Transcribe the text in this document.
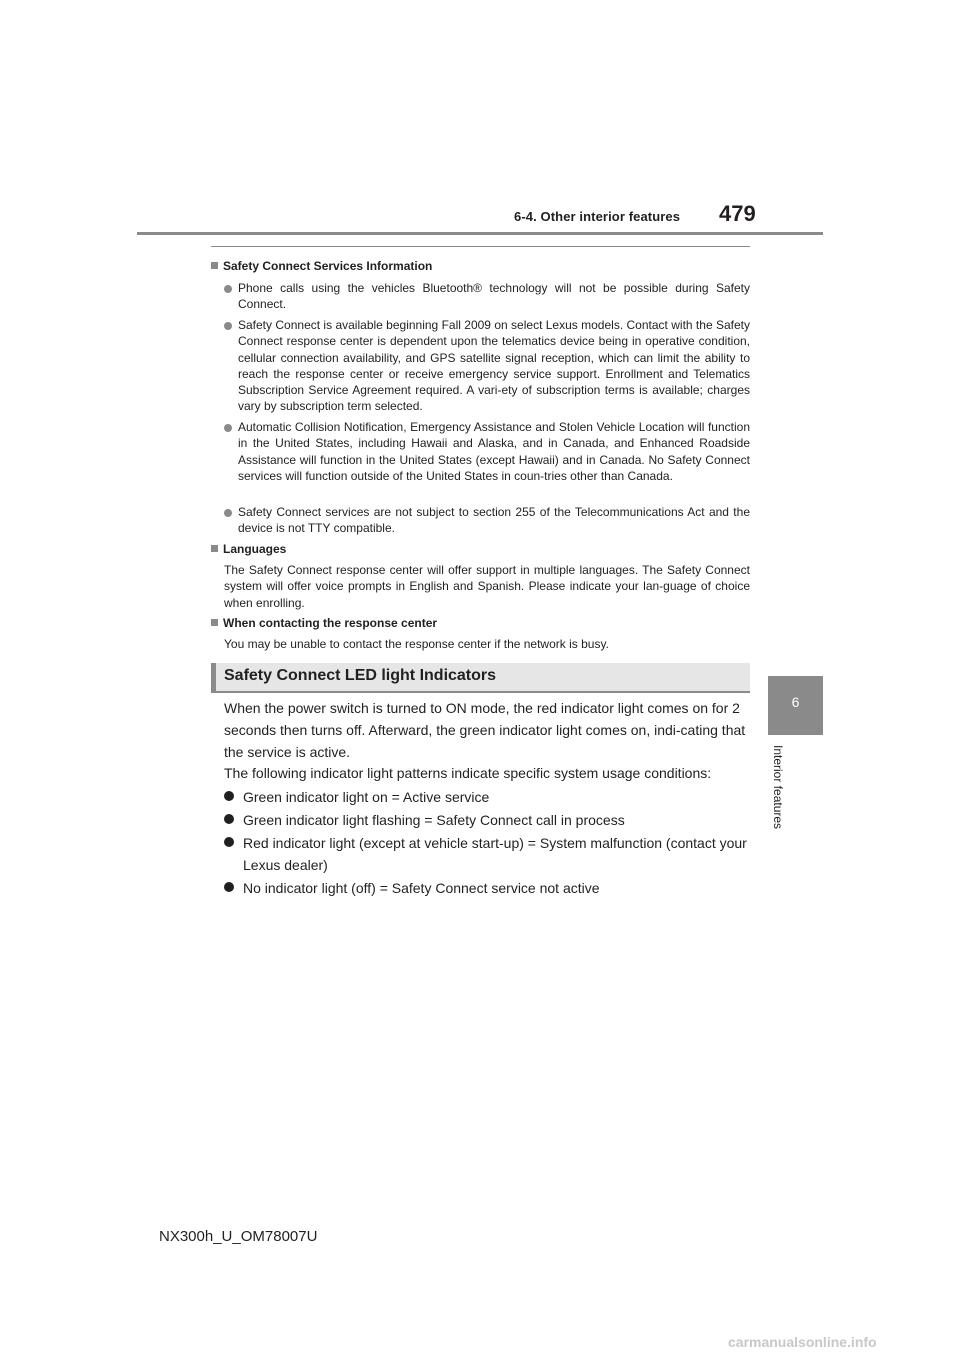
6-4. Other interior features 479
6
Interior features
Safety Connect Services Information
Phone calls using the vehicles Bluetooth® technology will not be possible during Safety Connect.
Safety Connect is available beginning Fall 2009 on select Lexus models. Contact with the Safety Connect response center is dependent upon the telematics device being in operative condition, cellular connection availability, and GPS satellite signal reception, which can limit the ability to reach the response center or receive emergency service support. Enrollment and Telematics Subscription Service Agreement required. A vari-ety of subscription terms is available; charges vary by subscription term selected.
Automatic Collision Notification, Emergency Assistance and Stolen Vehicle Location will function in the United States, including Hawaii and Alaska, and in Canada, and Enhanced Roadside Assistance will function in the United States (except Hawaii) and in Canada. No Safety Connect services will function outside of the United States in coun-tries other than Canada.
Safety Connect services are not subject to section 255 of the Telecommunications Act and the device is not TTY compatible.
Languages
The Safety Connect response center will offer support in multiple languages. The Safety Connect system will offer voice prompts in English and Spanish. Please indicate your lan-guage of choice when enrolling.
When contacting the response center
You may be unable to contact the response center if the network is busy.
Safety Connect LED light Indicators
When the power switch is turned to ON mode, the red indicator light comes on for 2 seconds then turns off. Afterward, the green indicator light comes on, indi-cating that the service is active.
The following indicator light patterns indicate specific system usage conditions:
Green indicator light on = Active service
Green indicator light flashing = Safety Connect call in process
Red indicator light (except at vehicle start-up) = System malfunction (contact your Lexus dealer)
No indicator light (off) = Safety Connect service not active
NX300h_U_OM78007U
carmanualsonline.info
